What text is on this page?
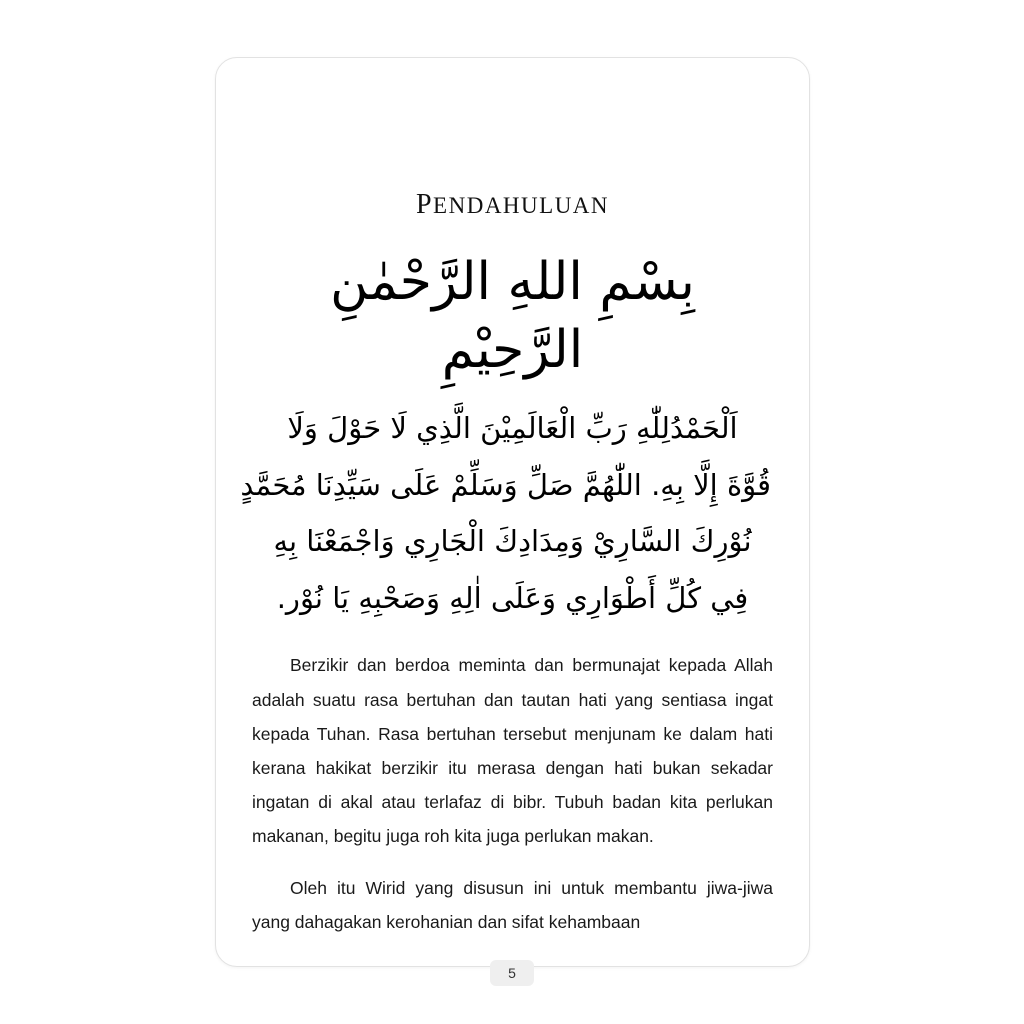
pendahuluan
بِسْمِ اللهِ الرَّحْمٰنِ الرَّحِيْمِ
اَلْحَمْدُلِلّٰهِ رَبِّ الْعَالَمِيْنَ الَّذِي لَا حَوْلَ وَلَا
قُوَّةَ إِلَّا بِهِ. اللّٰهُمَّ صَلِّ وَسَلِّمْ عَلَى سَيِّدِنَا مُحَمَّدٍ
نُوْرِكَ السَّارِيْ وَمِدَادِكَ الْجَارِي وَاجْمَعْنَا بِهِ
فِي كُلِّ أَطْوَارِي وَعَلَى اٰلِهِ وَصَحْبِهِ يَا نُوْر.

Berzikir dan berdoa meminta dan bermunajat kepada Allah adalah suatu rasa bertuhan dan tautan hati yang sentiasa ingat kepada Tuhan. Rasa bertuhan tersebut menjunam ke dalam hati kerana hakikat berzikir itu merasa dengan hati bukan sekadar ingatan di akal atau terlafaz di bibr. Tubuh badan kita perlukan makanan, begitu juga roh kita juga perlukan makan.

Oleh itu Wirid yang disusun ini untuk membantu jiwa-jiwa yang dahagakan kerohanian dan sifat kehambaan

5
